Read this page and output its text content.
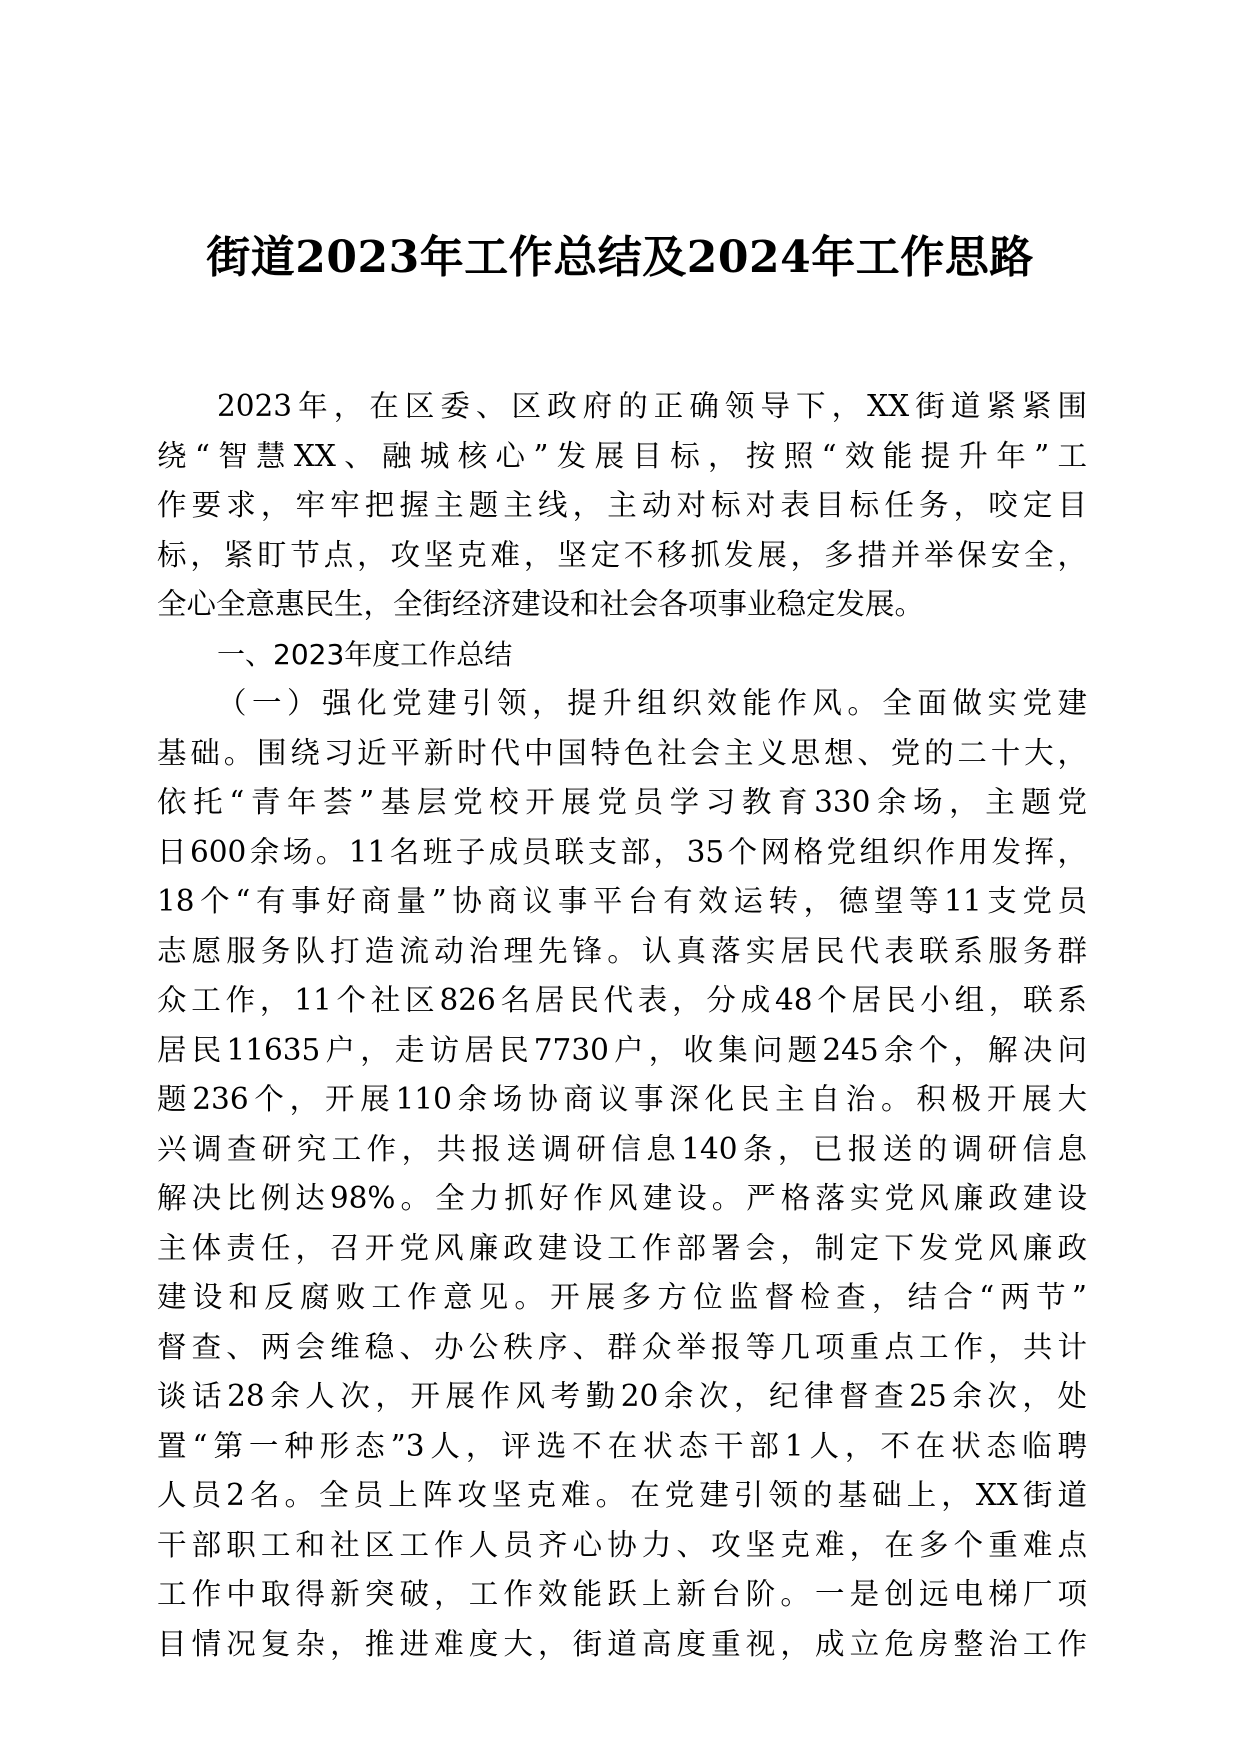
街道2023年工作总结及2024年工作思路
2023年，在区委、区政府的正确领导下，XX街道紧紧围
绕“智慧XX、融城核心”发展目标，按照“效能提升年”工
作要求，牢牢把握主题主线，主动对标对表目标任务，咬定目
标，紧盯节点，攻坚克难，坚定不移抓发展，多措并举保安全，
全心全意惠民生，全街经济建设和社会各项事业稳定发展。
一、2023年度工作总结
（一）强化党建引领，提升组织效能作风。全面做实党建
基础。围绕习近平新时代中国特色社会主义思想、党的二十大，
依托“青年荟”基层党校开展党员学习教育330余场，主题党
日600余场。11名班子成员联支部，35个网格党组织作用发挥，
18个“有事好商量”协商议事平台有效运转，德望等11支党员
志愿服务队打造流动治理先锋。认真落实居民代表联系服务群
众工作，11个社区826名居民代表，分成48个居民小组，联系
居民11635户，走访居民7730户，收集问题245余个，解决问
题236个，开展110余场协商议事深化民主自治。积极开展大
兴调查研究工作，共报送调研信息140条，已报送的调研信息
解决比例达98%。全力抓好作风建设。严格落实党风廉政建设
主体责任，召开党风廉政建设工作部署会，制定下发党风廉政
建设和反腐败工作意见。开展多方位监督检查，结合“两节”
督查、两会维稳、办公秩序、群众举报等几项重点工作，共计
谈话28余人次，开展作风考勤20余次，纪律督查25余次，处
置“第一种形态”3人，评选不在状态干部1人，不在状态临聘
人员2名。全员上阵攻坚克难。在党建引领的基础上，XX街道
干部职工和社区工作人员齐心协力、攻坚克难，在多个重难点
工作中取得新突破，工作效能跃上新台阶。一是创远电梯厂项
目情况复杂，推进难度大，街道高度重视，成立危房整治工作
